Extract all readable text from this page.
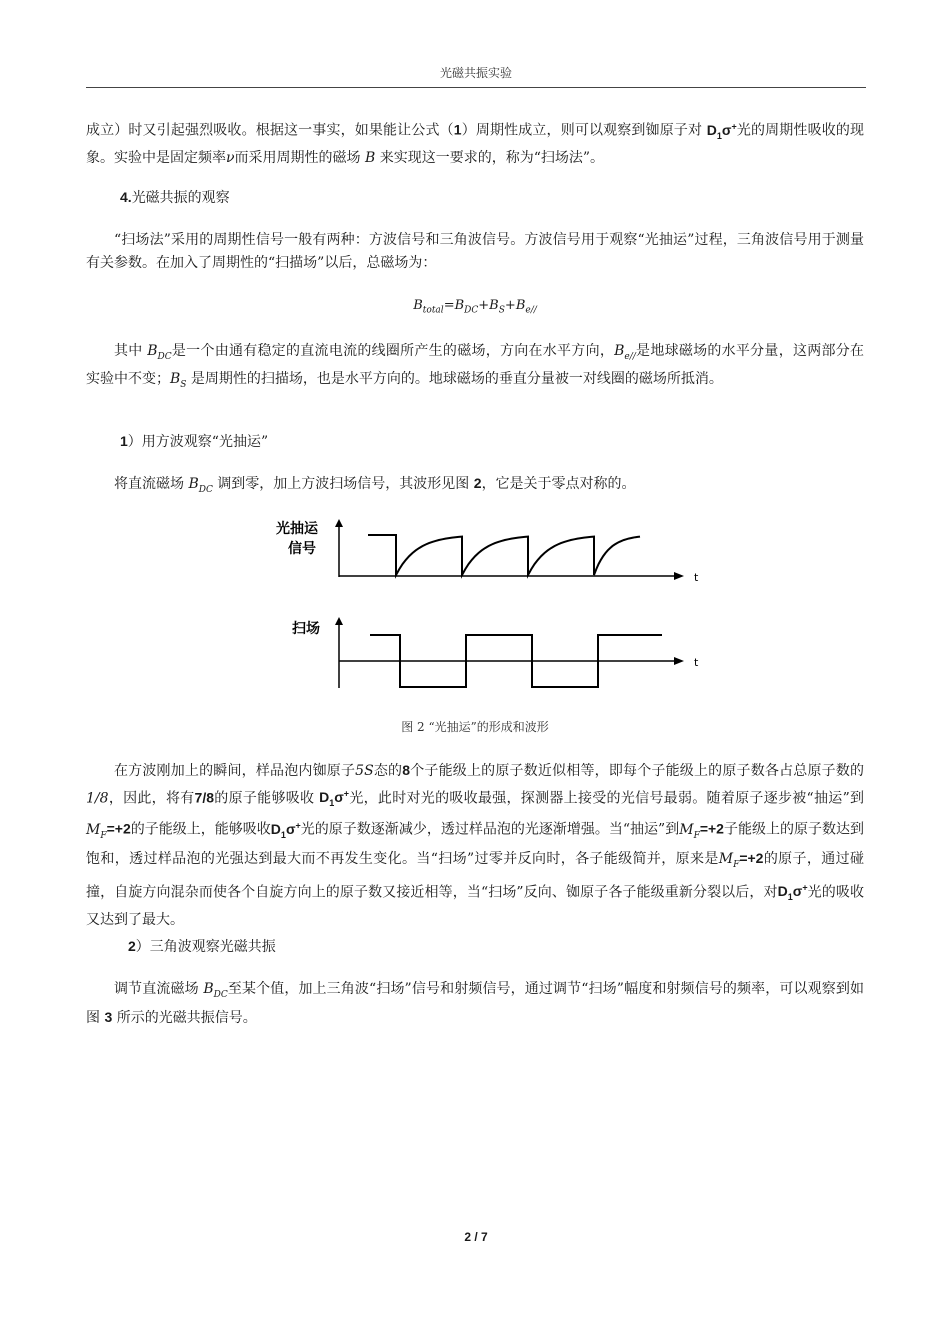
光磁共振实验

成立）时又引起强烈吸收。根据这一事实，如果能让公式（1）周期性成立，则可以观察到铷原子对 $D_1\sigma^+$光的周期性吸收的现象。实验中是固定频率ν而采用周期性的磁场 B 来实现这一要求的，称为“扫场法”。

4.光磁共振的观察

“扫场法”采用的周期性信号一般有两种：方波信号和三角波信号。方波信号用于观察“光抽运”过程，三角波信号用于测量有关参数。在加入了周期性的“扫描场”以后，总磁场为：

$B_{total}=B_{DC}+B_S+B_{e//}$

其中 $B_{DC}$是一个由通有稳定的直流电流的线圈所产生的磁场，方向在水平方向，$B_{e//}$是地球磁场的水平分量，这两部分在实验中不变；$B_S$ 是周期性的扫描场，也是水平方向的。地球磁场的垂直分量被一对线圈的磁场所抵消。

1）用方波观察“光抽运”

将直流磁场 $B_{DC}$ 调到零，加上方波扫场信号，其波形见图 2，它是关于零点对称的。

光抽运
信号
t
扫场
t
图 2 “光抽运”的形成和波形

在方波刚加上的瞬间，样品泡内铷原子5S态的8个子能级上的原子数近似相等，即每个子能级上的原子数各占总原子数的1/8，因此，将有7/8的原子能够吸收 $D_1\sigma^+$光，此时对光的吸收最强，探测器上接受的光信号最弱。随着原子逐步被“抽运”到 $M_F=+2$的子能级上，能够吸收$D_1\sigma^+$光的原子数逐渐减少，透过样品泡的光逐渐增强。当“抽运”到$M_F=+2$子能级上的原子数达到饱和，透过样品泡的光强达到最大而不再发生变化。当“扫场”过零并反向时，各子能级简并，原来是$M_F=+2$的原子，通过碰撞，自旋方向混杂而使各个自旋方向上的原子数又接近相等，当“扫场”反向、铷原子各子能级重新分裂以后，对$D_1\sigma^+$光的吸收又达到了最大。

2）三角波观察光磁共振

调节直流磁场 $B_{DC}$至某个值，加上三角波“扫场”信号和射频信号，通过调节“扫场”幅度和射频信号的频率，可以观察到如图 3 所示的光磁共振信号。

2 / 7
